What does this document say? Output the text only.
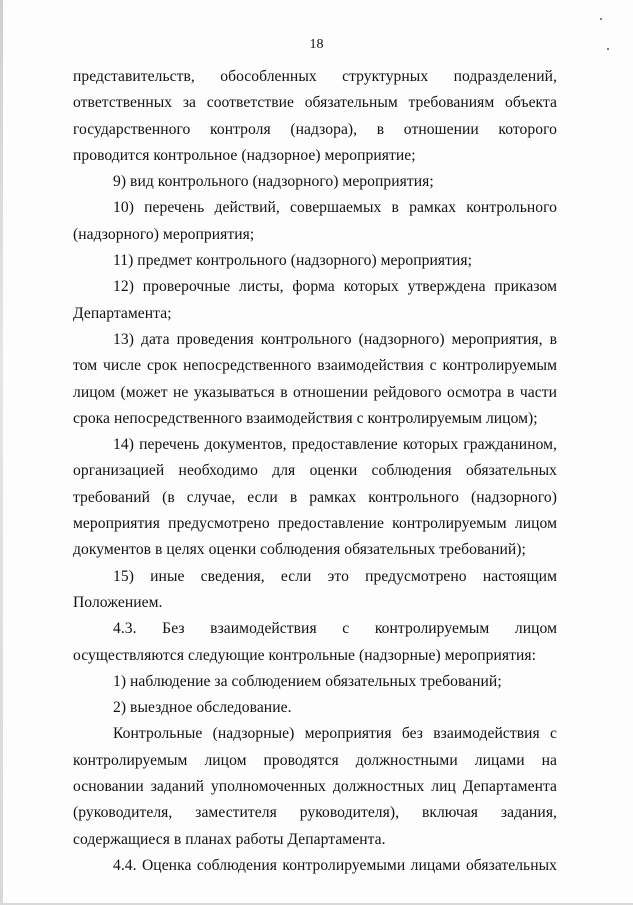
18

представительств, обособленных структурных подразделений, ответственных за соответствие обязательным требованиям объекта государственного контроля (надзора), в отношении которого проводится контрольное (надзорное) мероприятие;

9) вид контрольного (надзорного) мероприятия;

10) перечень действий, совершаемых в рамках контрольного (надзорного) мероприятия;

11) предмет контрольного (надзорного) мероприятия;

12) проверочные листы, форма которых утверждена приказом Департамента;

13) дата проведения контрольного (надзорного) мероприятия, в том числе срок непосредственного взаимодействия с контролируемым лицом (может не указываться в отношении рейдового осмотра в части срока непосредственного взаимодействия с контролируемым лицом);

14) перечень документов, предоставление которых гражданином, организацией необходимо для оценки соблюдения обязательных требований (в случае, если в рамках контрольного (надзорного) мероприятия предусмотрено предоставление контролируемым лицом документов в целях оценки соблюдения обязательных требований);

15) иные сведения, если это предусмотрено настоящим Положением.

4.3. Без взаимодействия с контролируемым лицом осуществляются следующие контрольные (надзорные) мероприятия:

1) наблюдение за соблюдением обязательных требований;

2) выездное обследование.

Контрольные (надзорные) мероприятия без взаимодействия с контролируемым лицом проводятся должностными лицами на основании заданий уполномоченных должностных лиц Департамента (руководителя, заместителя руководителя), включая задания, содержащиеся в планах работы Департамента.

4.4. Оценка соблюдения контролируемыми лицами обязательных
